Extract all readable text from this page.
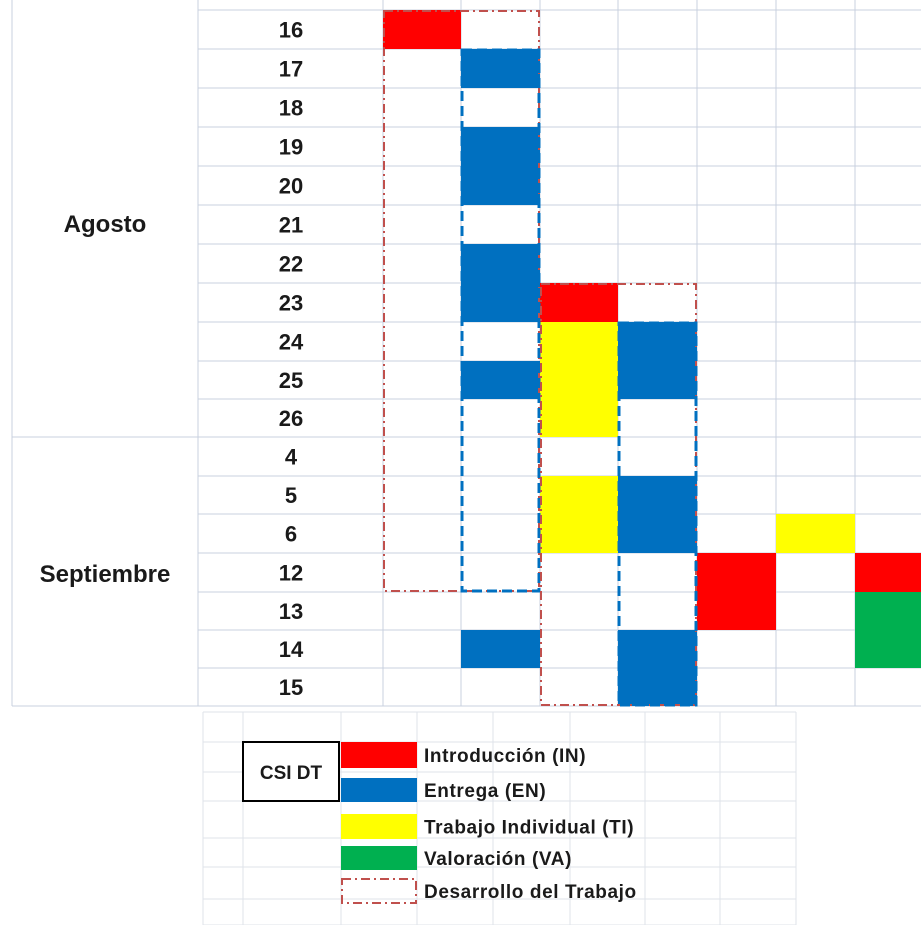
16
17
18
19
20
21
22
23
24
25
26
4
5
6
12
13
14
15
Agosto
Septiembre
CSI DT
Introducción (IN)
Entrega (EN)
Trabajo Individual (TI)
Valoración (VA)
Desarrollo del Trabajo
